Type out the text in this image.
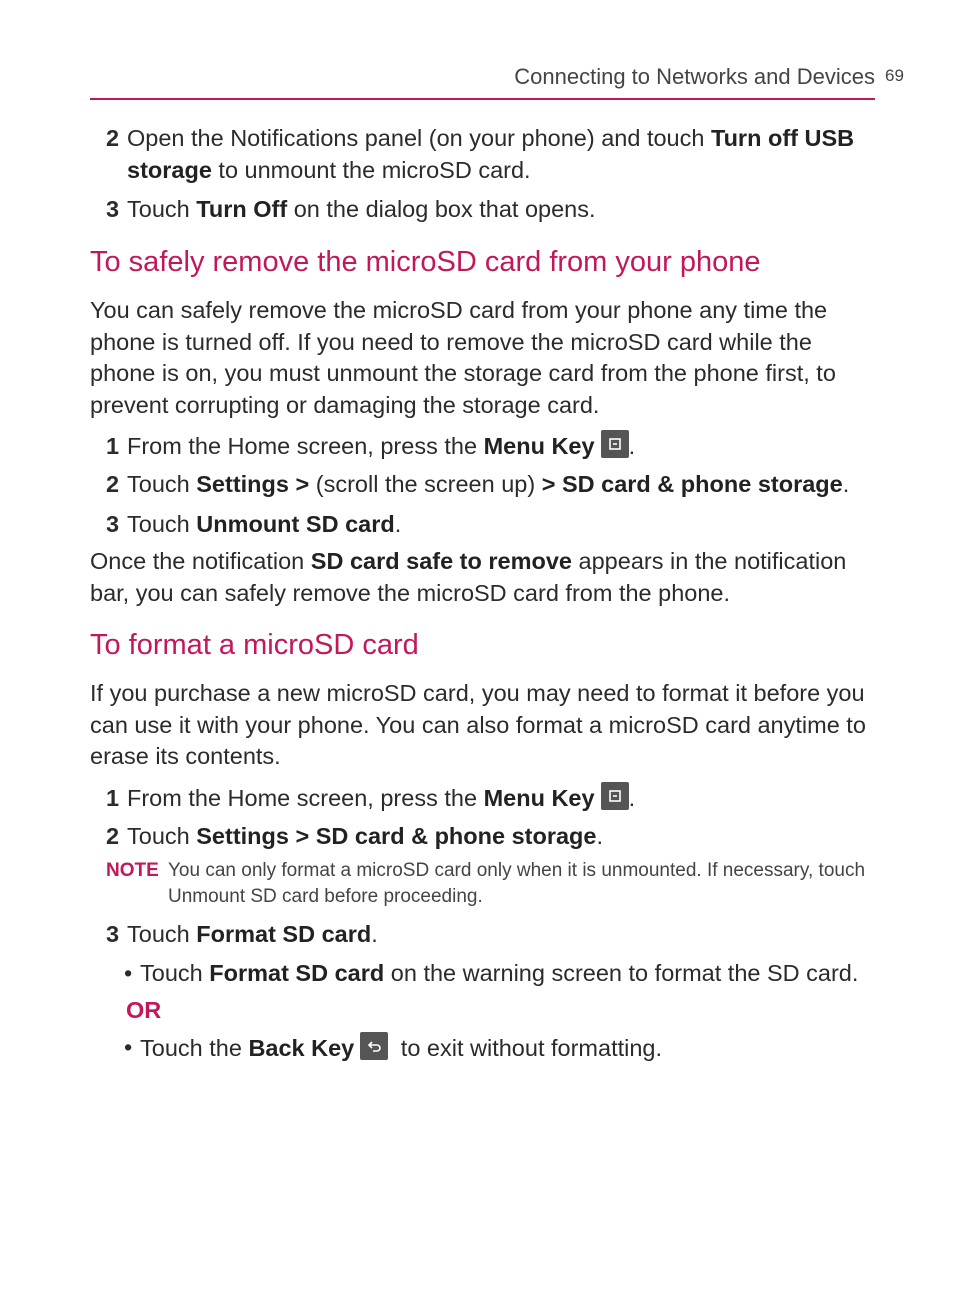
Connecting to Networks and Devices 69

2 Open the Notifications panel (on your phone) and touch Turn off USB storage to unmount the microSD card.

3 Touch Turn Off on the dialog box that opens.

To safely remove the microSD card from your phone

You can safely remove the microSD card from your phone any time the phone is turned off. If you need to remove the microSD card while the phone is on, you must unmount the storage card from the phone first, to prevent corrupting or damaging the storage card.

1 From the Home screen, press the Menu Key .

2 Touch Settings > (scroll the screen up) > SD card & phone storage.

3 Touch Unmount SD card.

Once the notification SD card safe to remove appears in the notification bar, you can safely remove the microSD card from the phone.

To format a microSD card

If you purchase a new microSD card, you may need to format it before you can use it with your phone. You can also format a microSD card anytime to erase its contents.

1 From the Home screen, press the Menu Key .

2 Touch Settings > SD card & phone storage.

NOTE You can only format a microSD card only when it is unmounted. If necessary, touch Unmount SD card before proceeding.

3 Touch Format SD card.

• Touch Format SD card on the warning screen to format the SD card.

OR

• Touch the Back Key
to exit without formatting.
